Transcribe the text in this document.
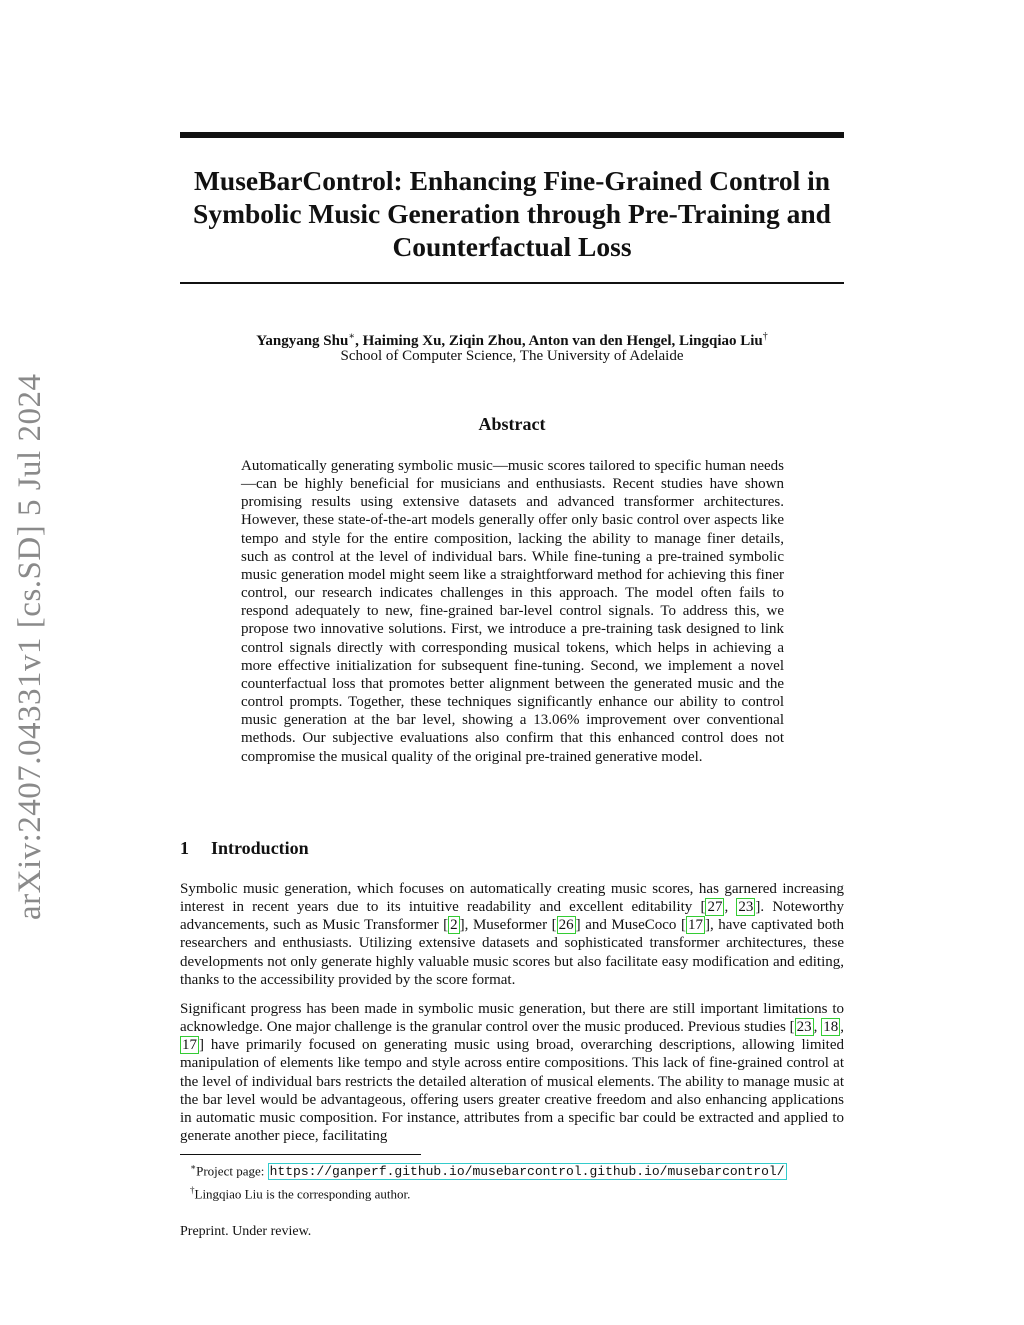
arXiv:2407.04331v1 [cs.SD] 5 Jul 2024
MuseBarControl: Enhancing Fine-Grained Control in Symbolic Music Generation through Pre-Training and Counterfactual Loss
Yangyang Shu∗, Haiming Xu, Ziqin Zhou, Anton van den Hengel, Lingqiao Liu†
School of Computer Science, The University of Adelaide
Abstract
Automatically generating symbolic music—music scores tailored to specific human needs—can be highly beneficial for musicians and enthusiasts. Recent studies have shown promising results using extensive datasets and advanced transformer architectures. However, these state-of-the-art models generally offer only basic control over aspects like tempo and style for the entire composition, lacking the ability to manage finer details, such as control at the level of individual bars. While fine-tuning a pre-trained symbolic music generation model might seem like a straightforward method for achieving this finer control, our research indicates challenges in this approach. The model often fails to respond adequately to new, fine-grained bar-level control signals. To address this, we propose two innovative solutions. First, we introduce a pre-training task designed to link control signals directly with corresponding musical tokens, which helps in achieving a more effective initialization for subsequent fine-tuning. Second, we implement a novel counterfactual loss that promotes better alignment between the generated music and the control prompts. Together, these techniques significantly enhance our ability to control music generation at the bar level, showing a 13.06% improvement over conventional methods. Our subjective evaluations also confirm that this enhanced control does not compromise the musical quality of the original pre-trained generative model.
1 Introduction
Symbolic music generation, which focuses on automatically creating music scores, has garnered increasing interest in recent years due to its intuitive readability and excellent editability [ 27 , 23 ]. Noteworthy advancements, such as Music Transformer [ 2 ], Museformer [ 26 ] and MuseCoco [ 17 ], have captivated both researchers and enthusiasts. Utilizing extensive datasets and sophisticated transformer architectures, these developments not only generate highly valuable music scores but also facilitate easy modification and editing, thanks to the accessibility provided by the score format.
Significant progress has been made in symbolic music generation, but there are still important limitations to acknowledge. One major challenge is the granular control over the music produced. Previous studies [ 23 , 18 , 17 ] have primarily focused on generating music using broad, overarching descriptions, allowing limited manipulation of elements like tempo and style across entire compositions. This lack of fine-grained control at the level of individual bars restricts the detailed alteration of musical elements. The ability to manage music at the bar level would be advantageous, offering users greater creative freedom and also enhancing applications in automatic music composition. For instance, attributes from a specific bar could be extracted and applied to generate another piece, facilitating
∗Project page: https://ganperf.github.io/musebarcontrol.github.io/musebarcontrol/
†Lingqiao Liu is the corresponding author.
Preprint. Under review.
